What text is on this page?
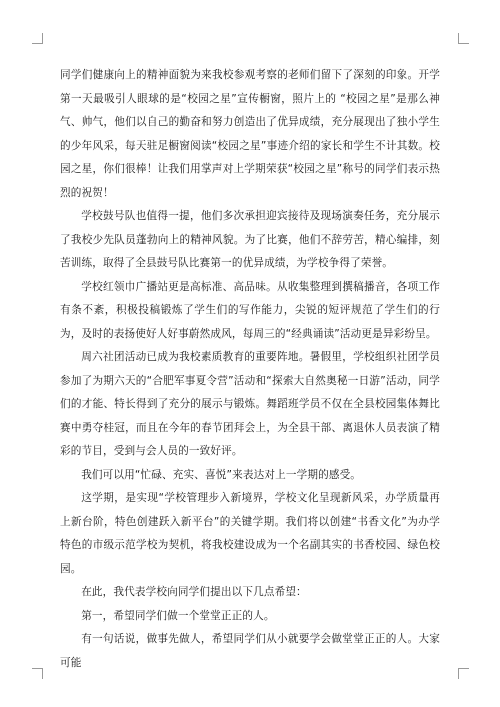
同学们健康向上的精神面貌为来我校参观考察的老师们留下了深刻的印象。开学第一天最吸引人眼球的是“校园之星”宣传橱窗，照片上的 “校园之星”是那么神气、帅气，他们以自己的勤奋和努力创造出了优异成绩，充分展现出了独小学生的少年风采，每天驻足橱窗阅读“校园之星”事迹介绍的家长和学生不计其数。校园之星，你们很棒！让我们用掌声对上学期荣获“校园之星”称号的同学们表示热烈的祝贺！

学校鼓号队也值得一提，他们多次承担迎宾接待及现场演奏任务，充分展示了我校少先队员蓬勃向上的精神风貌。为了比赛，他们不辞劳苦，精心编排，刻苦训练，取得了全县鼓号队比赛第一的优异成绩，为学校争得了荣誉。

学校红领巾广播站更是高标准、高品味。从收集整理到撰稿播音，各项工作有条不紊，积极投稿锻炼了学生们的写作能力，尖锐的短评规范了学生们的行为，及时的表扬使好人好事蔚然成风，每周三的“经典诵读”活动更是异彩纷呈。

周六社团活动已成为我校素质教育的重要阵地。暑假里，学校组织社团学员参加了为期六天的“合肥军事夏令营”活动和“探索大自然奥秘一日游”活动，同学们的才能、特长得到了充分的展示与锻炼。舞蹈班学员不仅在全县校园集体舞比赛中勇夺桂冠，而且在今年的春节团拜会上，为全县干部、离退休人员表演了精彩的节目，受到与会人员的一致好评。

我们可以用“忙碌、充实、喜悦”来表达对上一学期的感受。

这学期，是实现“学校管理步入新境界，学校文化呈现新风采，办学质量再上新台阶，特色创建跃入新平台”的关键学期。我们将以创建“书香文化”为办学特色的市级示范学校为契机，将我校建设成为一个名副其实的书香校园、绿色校园。

在此，我代表学校向同学们提出以下几点希望：

第一，希望同学们做一个堂堂正正的人。

有一句话说，做事先做人，希望同学们从小就要学会做堂堂正正的人。大家可能
